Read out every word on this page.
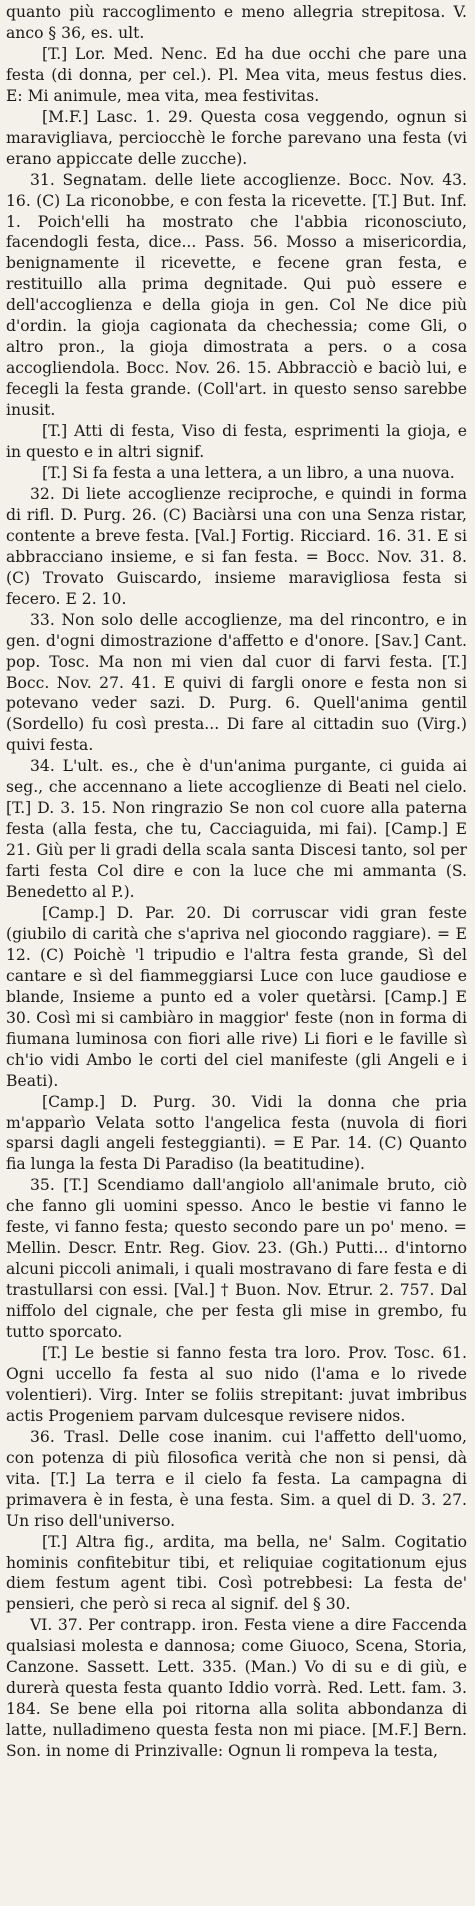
quanto più raccoglimento e meno allegria strepitosa. V. anco § 36, es. ult.

[T.] Lor. Med. Nenc. Ed ha due occhi che pare una festa (di donna, per cel.). Pl. Mea vita, meus festus dies. E: Mi animule, mea vita, mea festivitas.

[M.F.] Lasc. 1. 29. Questa cosa veggendo, ognun si maravigliava, perciocchè le forche parevano una festa (vi erano appiccate delle zucche).

31. Segnatam. delle liete accoglienze. Bocc. Nov. 43. 16. (C) La riconobbe, e con festa la ricevette. [T.] But. Inf. 1. Poich'elli ha mostrato che l'abbia riconosciuto, facendogli festa, dice... Pass. 56. Mosso a misericordia, benignamente il ricevette, e fecene gran festa, e restituillo alla prima degnitade. Qui può essere e dell'accoglienza e della gioja in gen. Col Ne dice più d'ordin. la gioja cagionata da chechessia; come Gli, o altro pron., la gioja dimostrata a pers. o a cosa accogliendola. Bocc. Nov. 26. 15. Abbracciò e baciò lui, e fecegli la festa grande. (Coll'art. in questo senso sarebbe inusit.

[T.] Atti di festa, Viso di festa, esprimenti la gioja, e in questo e in altri signif.

[T.] Si fa festa a una lettera, a un libro, a una nuova.

32. Di liete accoglienze reciproche, e quindi in forma di rifl. D. Purg. 26. (C) Baciàrsi una con una Senza ristar, contente a breve festa. [Val.] Fortig. Ricciard. 16. 31. E si abbracciano insieme, e si fan festa. = Bocc. Nov. 31. 8. (C) Trovato Guiscardo, insieme maravigliosa festa si fecero. E 2. 10.

33. Non solo delle accoglienze, ma del rincontro, e in gen. d'ogni dimostrazione d'affetto e d'onore. [Sav.] Cant. pop. Tosc. Ma non mi vien dal cuor di farvi festa. [T.] Bocc. Nov. 27. 41. E quivi di fargli onore e festa non si potevano veder sazi. D. Purg. 6. Quell'anima gentil (Sordello) fu così presta... Di fare al cittadin suo (Virg.) quivi festa.

34. L'ult. es., che è d'un'anima purgante, ci guida ai seg., che accennano a liete accoglienze di Beati nel cielo. [T.] D. 3. 15. Non ringrazio Se non col cuore alla paterna festa (alla festa, che tu, Cacciaguida, mi fai). [Camp.] E 21. Giù per li gradi della scala santa Discesi tanto, sol per farti festa Col dire e con la luce che mi ammanta (S. Benedetto al P.).

[Camp.] D. Par. 20. Di corruscar vidi gran feste (giubilo di carità che s'apriva nel giocondo raggiare). = E 12. (C) Poichè 'l tripudio e l'altra festa grande, Sì del cantare e sì del fiammeggiarsi Luce con luce gaudiose e blande, Insieme a punto ed a voler quetàrsi. [Camp.] E 30. Così mi si cambiàro in maggior' feste (non in forma di fiumana luminosa con fiori alle rive) Li fiori e le faville sì ch'io vidi Ambo le corti del ciel manifeste (gli Angeli e i Beati).

[Camp.] D. Purg. 30. Vidi la donna che pria m'apparìo Velata sotto l'angelica festa (nuvola di fiori sparsi dagli angeli festeggianti). = E Par. 14. (C) Quanto fia lunga la festa Di Paradiso (la beatitudine).

35. [T.] Scendiamo dall'angiolo all'animale bruto, ciò che fanno gli uomini spesso. Anco le bestie vi fanno le feste, vi fanno festa; questo secondo pare un po' meno. = Mellin. Descr. Entr. Reg. Giov. 23. (Gh.) Putti... d'intorno alcuni piccoli animali, i quali mostravano di fare festa e di trastullarsi con essi. [Val.] † Buon. Nov. Etrur. 2. 757. Dal niffolo del cignale, che per festa gli mise in grembo, fu tutto sporcato.

[T.] Le bestie si fanno festa tra loro. Prov. Tosc. 61. Ogni uccello fa festa al suo nido (l'ama e lo rivede volentieri). Virg. Inter se foliis strepitant: juvat imbribus actis Progeniem parvam dulcesque revisere nidos.

36. Trasl. Delle cose inanim. cui l'affetto dell'uomo, con potenza di più filosofica verità che non si pensi, dà vita. [T.] La terra e il cielo fa festa. La campagna di primavera è in festa, è una festa. Sim. a quel di D. 3. 27. Un riso dell'universo.

[T.] Altra fig., ardita, ma bella, ne' Salm. Cogitatio hominis confitebitur tibi, et reliquiae cogitationum ejus diem festum agent tibi. Così potrebbesi: La festa de' pensieri, che però si reca al signif. del § 30.

VI. 37. Per contrapp. iron. Festa viene a dire Faccenda qualsiasi molesta e dannosa; come Giuoco, Scena, Storia, Canzone. Sassett. Lett. 335. (Man.) Vo di su e di giù, e durerà questa festa quanto Iddio vorrà. Red. Lett. fam. 3. 184. Se bene ella poi ritorna alla solita abbondanza di latte, nulladimeno questa festa non mi piace. [M.F.] Bern. Son. in nome di Prinzivalle: Ognun li rompeva la testa,
